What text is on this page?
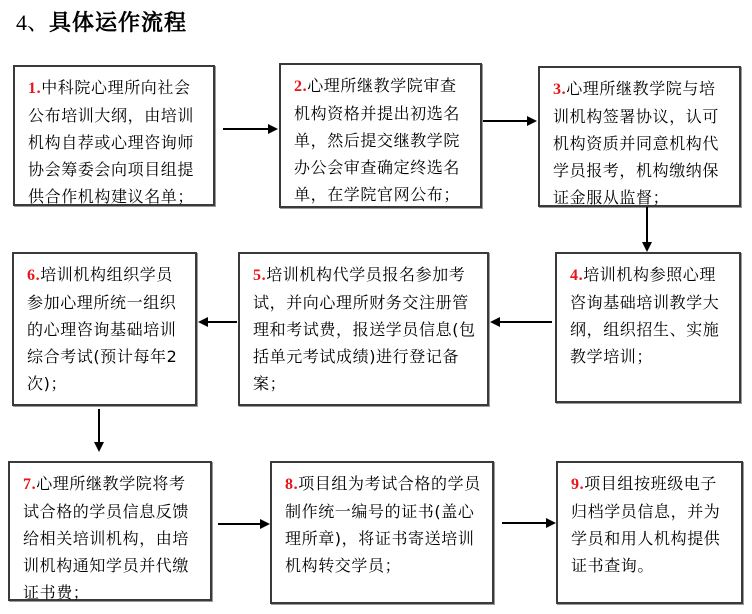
4、具体运作流程
1.中科院心理所向社会公布培训大纲，由培训机构自荐或心理咨询师协会筹委会向项目组提供合作机构建议名单；
2.心理所继教学院审查机构资格并提出初选名单，然后提交继教学院办公会审查确定终选名单，在学院官网公布；
3.心理所继教学院与培训机构签署协议，认可机构资质并同意机构代学员报考，机构缴纳保证金服从监督；
6.培训机构组织学员参加心理所统一组织的心理咨询基础培训综合考试(预计每年2次)；
5.培训机构代学员报名参加考试，并向心理所财务交注册管理和考试费，报送学员信息(包括单元考试成绩)进行登记备案；
4.培训机构参照心理咨询基础培训教学大纲，组织招生、实施教学培训；
7.心理所继教学院将考试合格的学员信息反馈给相关培训机构，由培训机构通知学员并代缴证书费；
8.项目组为考试合格的学员制作统一编号的证书(盖心理所章)，将证书寄送培训机构转交学员；
9.项目组按班级电子归档学员信息，并为学员和用人机构提供证书查询。
